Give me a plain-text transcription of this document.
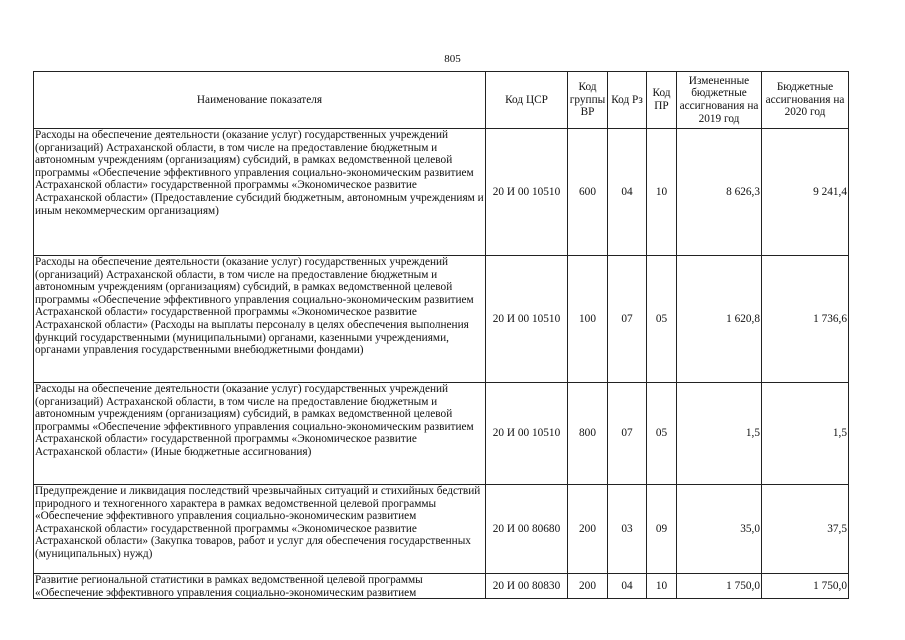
805
Наименование показателя	Код ЦСР	Код группы ВР	Код Рз	Код ПР	Измененные бюджетные ассигнования на 2019 год	Бюджетные ассигнования на 2020 год
Расходы на обеспечение деятельности (оказание услуг) государственных учреждений (организаций) Астраханской области, в том числе на предоставление бюджетным и автономным учреждениям (организациям) субсидий, в рамках ведомственной целевой программы «Обеспечение эффективного управления социально-экономическим развитием Астраханской области» государственной программы «Экономическое развитие Астраханской области» (Предоставление субсидий бюджетным, автономным учреждениям и иным некоммерческим организациям)	20 И 00 10510	600	04	10	8 626,3	9 241,4
Расходы на обеспечение деятельности (оказание услуг) государственных учреждений (организаций) Астраханской области, в том числе на предоставление бюджетным и автономным учреждениям (организациям) субсидий, в рамках ведомственной целевой программы «Обеспечение эффективного управления социально-экономическим развитием Астраханской области» государственной программы «Экономическое развитие Астраханской области» (Расходы на выплаты персоналу в целях обеспечения выполнения функций государственными (муниципальными) органами, казенными учреждениями, органами управления государственными внебюджетными фондами)	20 И 00 10510	100	07	05	1 620,8	1 736,6
Расходы на обеспечение деятельности (оказание услуг) государственных учреждений (организаций) Астраханской области, в том числе на предоставление бюджетным и автономным учреждениям (организациям) субсидий, в рамках ведомственной целевой программы «Обеспечение эффективного управления социально-экономическим развитием Астраханской области» государственной программы «Экономическое развитие Астраханской области» (Иные бюджетные ассигнования)	20 И 00 10510	800	07	05	1,5	1,5
Предупреждение и ликвидация последствий чрезвычайных ситуаций и стихийных бедствий природного и техногенного характера в рамках ведомственной целевой программы «Обеспечение эффективного управления социально-экономическим развитием Астраханской области» государственной программы «Экономическое развитие Астраханской области» (Закупка товаров, работ и услуг для обеспечения государственных (муниципальных) нужд)	20 И 00 80680	200	03	09	35,0	37,5

Развитие региональной статистики в рамках ведомственной целевой программы «Обеспечение эффективного управления социально-экономическим развитием	20 И 00 80830	200	04	10	1 750,0	1 750,0
